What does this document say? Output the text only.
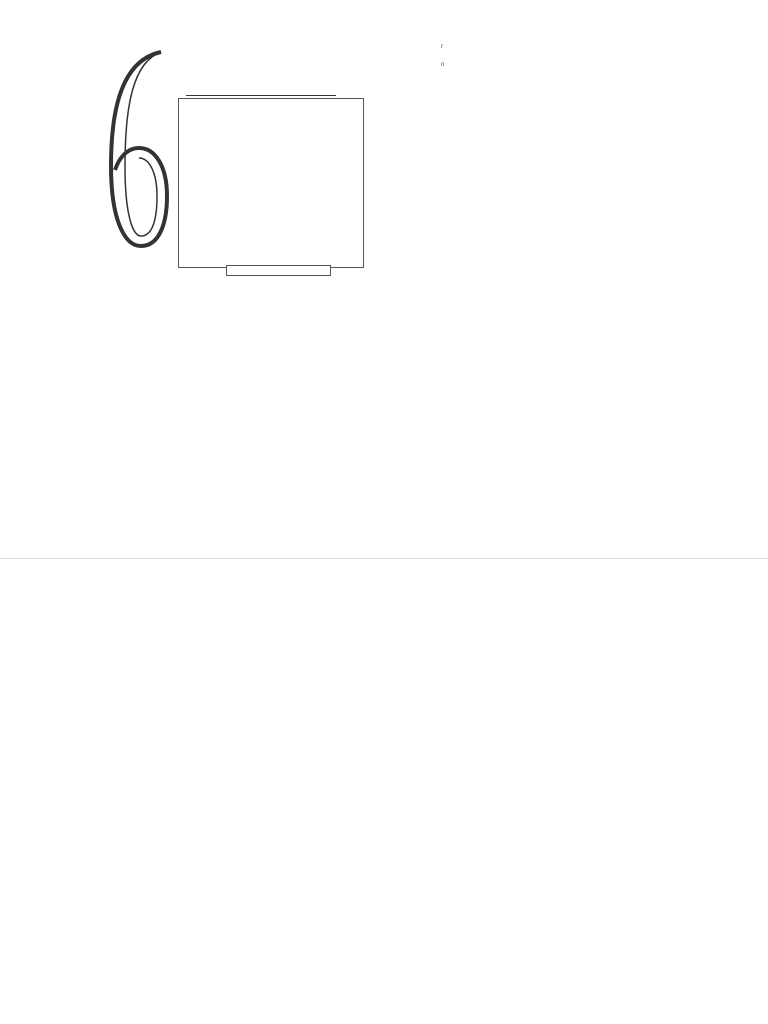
r
n
